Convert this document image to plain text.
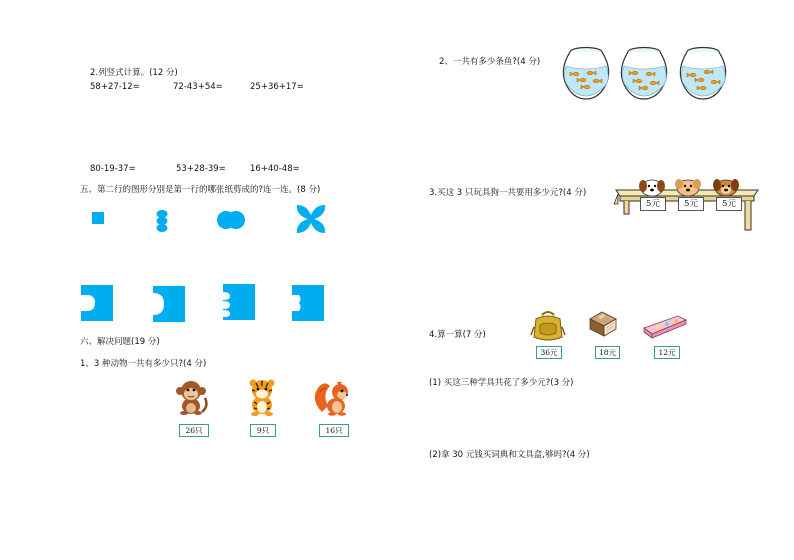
2.列竖式计算。(12 分)
58+27-12=	72-43+54=	25+36+17=
80-19-37=	53+28-39=	16+40-48=
五、第二行的图形分别是第一行的哪张纸剪成的?连一连。(8 分)
六、解决问题(19 分)
1、3 种动物一共有多少只?(4 分)
26只	9只	16只
2、一共有多少条鱼?(4 分)
3.买这 3 只玩具狗一共要用多少元?(4 分)
5元	5元	5元
4.算一算(7 分)
36元	18元	12元
(1) 买这三种学具共花了多少元?(3 分)
(2)拿 30 元钱买词典和文具盒,够吗?(4 分)
